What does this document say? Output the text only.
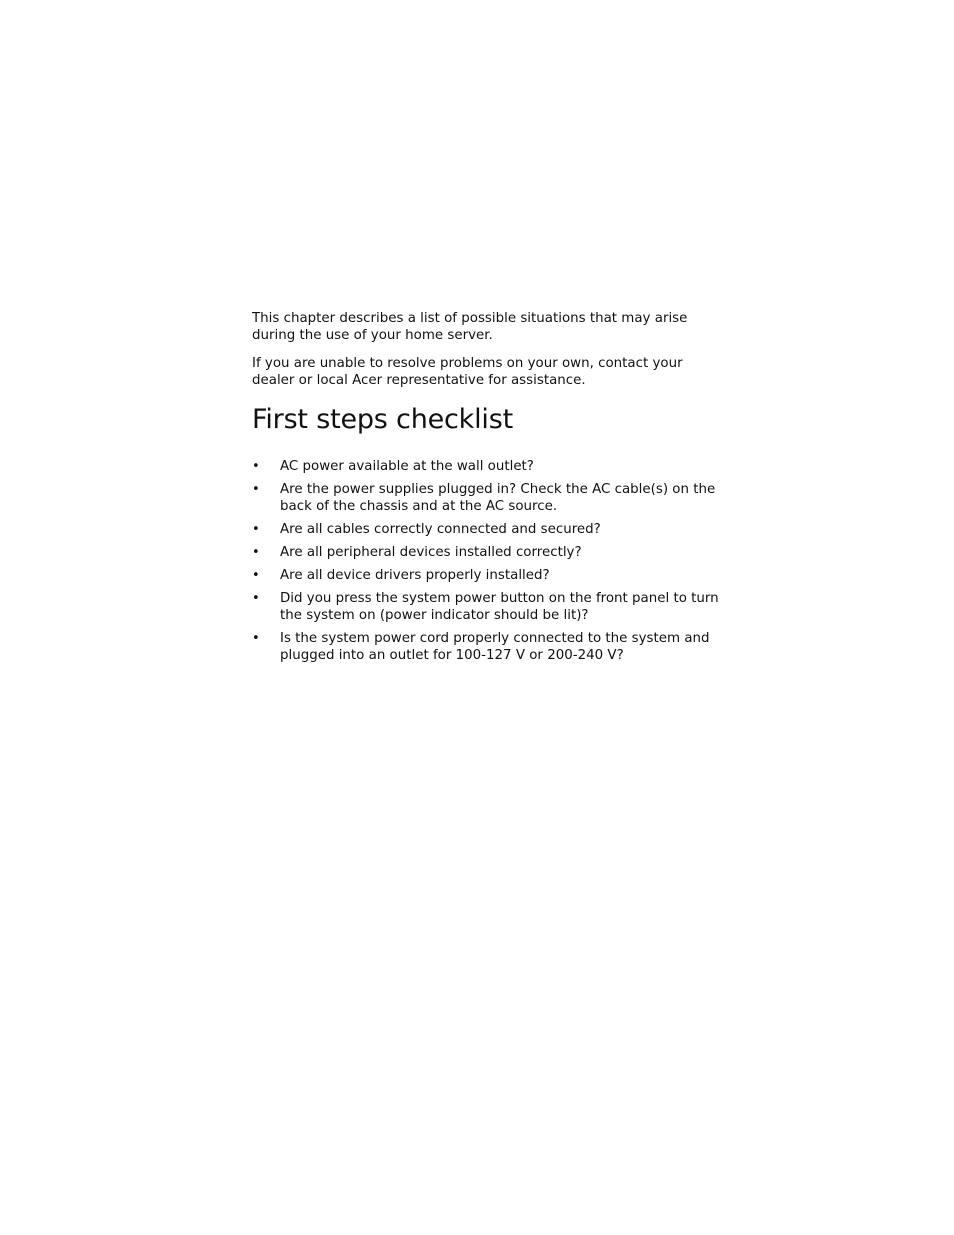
This chapter describes a list of possible situations that may arise during the use of your home server.

If you are unable to resolve problems on your own, contact your dealer or local Acer representative for assistance.

First steps checklist
• AC power available at the wall outlet?
• Are the power supplies plugged in? Check the AC cable(s) on the back of the chassis and at the AC source.
• Are all cables correctly connected and secured?
• Are all peripheral devices installed correctly?
• Are all device drivers properly installed?
• Did you press the system power button on the front panel to turn the system on (power indicator should be lit)?
• Is the system power cord properly connected to the system and plugged into an outlet for 100-127 V or 200-240 V?
